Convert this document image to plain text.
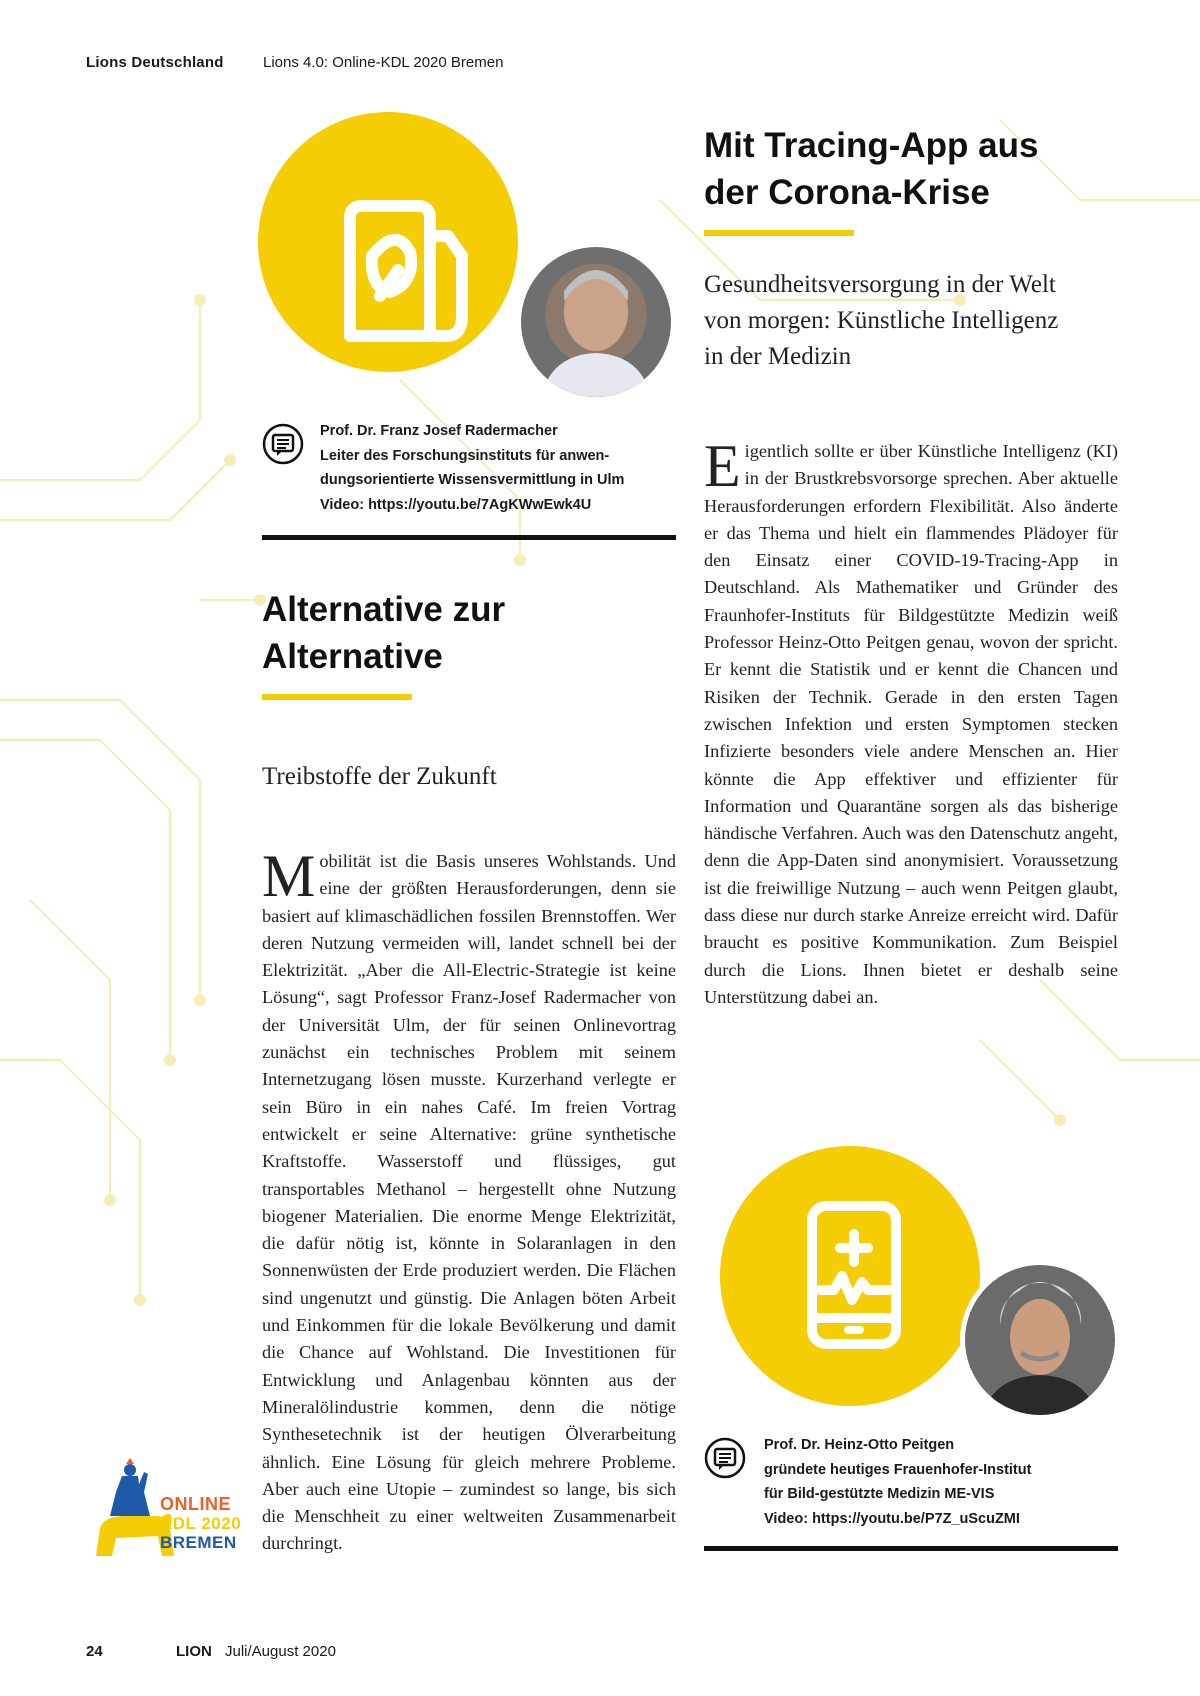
Lions Deutschland	Lions 4.0: Online-KDL 2020 Bremen
Prof. Dr. Franz Josef Radermacher
Leiter des Forschungsinstituts für anwen-
dungsorientierte Wissensvermittlung in Ulm
Video: https://youtu.be/7AgKWwEwk4U
Alternative zur
Alternative
Treibstoffe der Zukunft
Mobilität ist die Basis unseres Wohlstands. Und eine der größten Herausforderungen, denn sie basiert auf klimaschädlichen fossilen Brennstoffen. Wer deren Nutzung vermeiden will, landet schnell bei der Elektrizität. „Aber die All-Electric-Strategie ist keine Lösung“, sagt Professor Franz-Josef Radermacher von der Universität Ulm, der für seinen Onlinevortrag zunächst ein technisches Problem mit seinem Internetzugang lösen musste. Kurzerhand verlegte er sein Büro in ein nahes Café. Im freien Vortrag entwickelt er seine Alternative: grüne synthetische Kraftstoffe. Wasserstoff und flüssiges, gut transportables Methanol – hergestellt ohne Nutzung biogener Materialien. Die enorme Menge Elektrizität, die dafür nötig ist, könnte in Solaranlagen in den Sonnenwüsten der Erde produziert werden. Die Flächen sind ungenutzt und günstig. Die Anlagen böten Arbeit und Einkommen für die lokale Bevölkerung und damit die Chance auf Wohlstand. Die Investitionen für Entwicklung und Anlagenbau könnten aus der Mineralölindustrie kommen, denn die nötige Synthesetechnik ist der heutigen Ölverarbeitung ähnlich. Eine Lösung für gleich mehrere Probleme. Aber auch eine Utopie – zumindest so lange, bis sich die Menschheit zu einer weltweiten Zusammenarbeit durchringt.
Mit Tracing-App aus
der Corona-Krise
Gesundheitsversorgung in der Welt
von morgen: Künstliche Intelligenz
in der Medizin
Eigentlich sollte er über Künstliche Intelligenz (KI) in der Brustkrebsvorsorge sprechen. Aber aktuelle Herausforderungen erfordern Flexibilität. Also änderte er das Thema und hielt ein flammendes Plädoyer für den Einsatz einer COVID-19-Tracing-App in Deutschland. Als Mathematiker und Gründer des Fraunhofer-Instituts für Bildgestützte Medizin weiß Professor Heinz-Otto Peitgen genau, wovon der spricht. Er kennt die Statistik und er kennt die Chancen und Risiken der Technik. Gerade in den ersten Tagen zwischen Infektion und ersten Symptomen stecken Infizierte besonders viele andere Menschen an. Hier könnte die App effektiver und effizienter für Information und Quarantäne sorgen als das bisherige händische Verfahren. Auch was den Datenschutz angeht, denn die App-Daten sind anonymisiert. Voraussetzung ist die freiwillige Nutzung – auch wenn Peitgen glaubt, dass diese nur durch starke Anreize erreicht wird. Dafür braucht es positive Kommunikation. Zum Beispiel durch die Lions. Ihnen bietet er deshalb seine Unterstützung dabei an.
Prof. Dr. Heinz-Otto Peitgen
gründete heutiges Frauenhofer-Institut
für Bild-gestützte Medizin ME-VIS
Video: https://youtu.be/P7Z_uScuZMI
ONLINE
KDL 2020
BREMEN
24	LION Juli/August 2020
